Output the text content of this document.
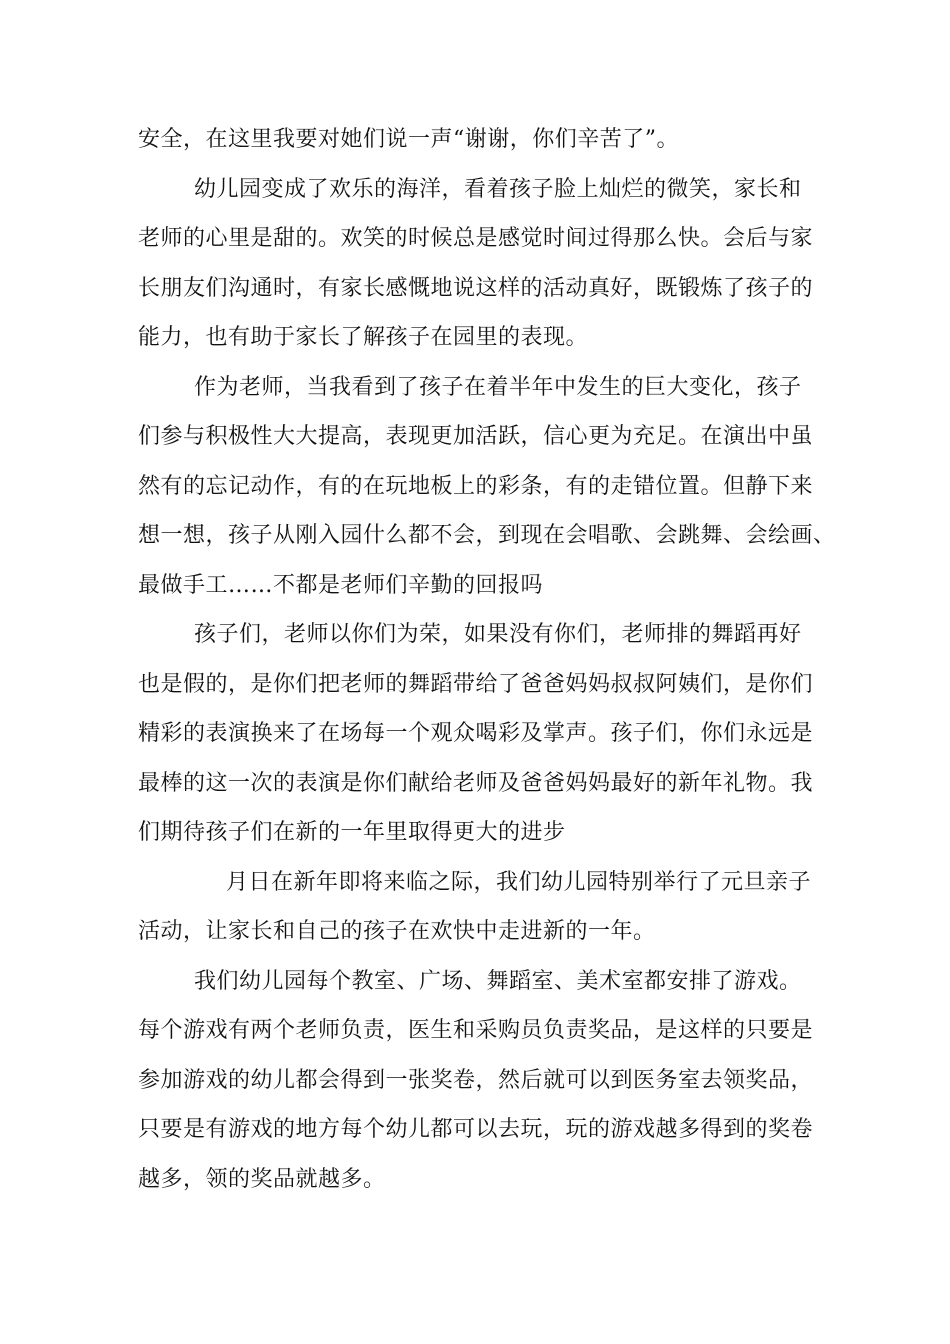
安全，在这里我要对她们说一声“谢谢，你们辛苦了”。

幼儿园变成了欢乐的海洋，看着孩子脸上灿烂的微笑，家长和

老师的心里是甜的。欢笑的时候总是感觉时间过得那么快。会后与家

长朋友们沟通时，有家长感慨地说这样的活动真好，既锻炼了孩子的

能力，也有助于家长了解孩子在园里的表现。

作为老师，当我看到了孩子在着半年中发生的巨大变化，孩子

们参与积极性大大提高，表现更加活跃，信心更为充足。在演出中虽

然有的忘记动作，有的在玩地板上的彩条，有的走错位置。但静下来

想一想，孩子从刚入园什么都不会，到现在会唱歌、会跳舞、会绘画、

最做手工……不都是老师们辛勤的回报吗

孩子们，老师以你们为荣，如果没有你们，老师排的舞蹈再好

也是假的，是你们把老师的舞蹈带给了爸爸妈妈叔叔阿姨们，是你们

精彩的表演换来了在场每一个观众喝彩及掌声。孩子们，你们永远是

最棒的这一次的表演是你们献给老师及爸爸妈妈最好的新年礼物。我

们期待孩子们在新的一年里取得更大的进步

月日在新年即将来临之际，我们幼儿园特别举行了元旦亲子

活动，让家长和自己的孩子在欢快中走进新的一年。

我们幼儿园每个教室、广场、舞蹈室、美术室都安排了游戏。

每个游戏有两个老师负责，医生和采购员负责奖品，是这样的只要是

参加游戏的幼儿都会得到一张奖卷，然后就可以到医务室去领奖品，

只要是有游戏的地方每个幼儿都可以去玩，玩的游戏越多得到的奖卷

越多，领的奖品就越多。
